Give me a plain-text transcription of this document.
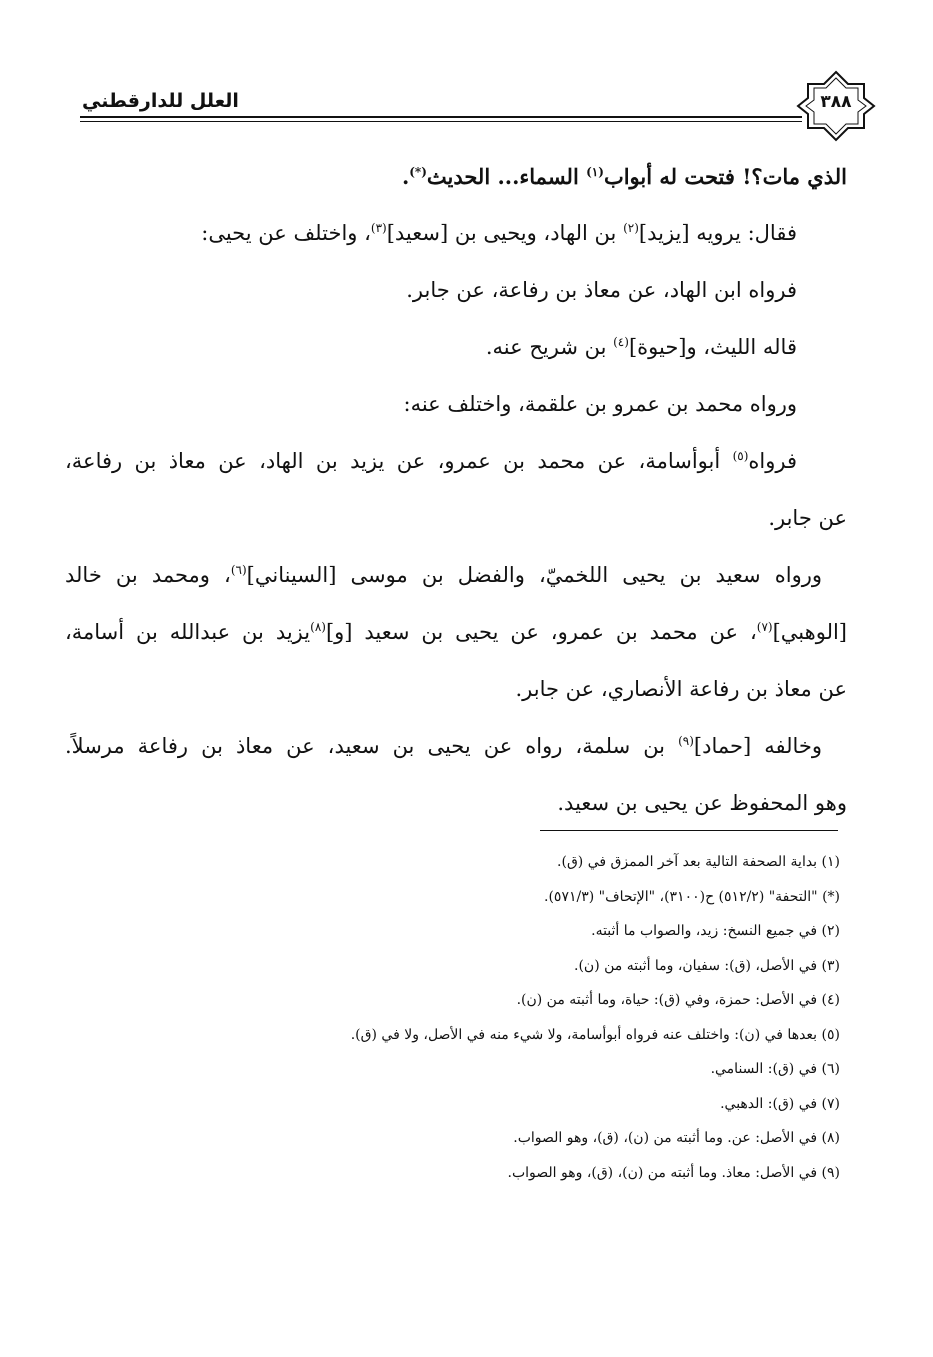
العلل للدارقطني	٣٨٨
الذي مات؟! فتحت له أبواب$^{(١)}$ السماء... الحديث(*).
فقال: يرويه [يزيد]$^{(٢)}$ بن الهاد، ويحيى بن [سعيد]$^{(٣)}$، واختلف عن يحيى:
فرواه ابن الهاد، عن معاذ بن رفاعة، عن جابر.
قاله الليث، و[حيوة]$^{(٤)}$ بن شريح عنه.
ورواه محمد بن عمرو بن علقمة، واختلف عنه:
فرواه$^{(٥)}$ أبوأسامة، عن محمد بن عمرو، عن يزيد بن الهاد، عن معاذ بن رفاعة،
عن جابر.
ورواه سعيد بن يحيى اللخميّ، والفضل بن موسى [السيناني]$^{(٦)}$، ومحمد بن خالد
[الوهبي]$^{(٧)}$، عن محمد بن عمرو، عن يحيى بن سعيد [و]$^{(٨)}$يزيد بن عبدالله بن أسامة،
عن معاذ بن رفاعة الأنصاري، عن جابر.
وخالفه [حماد]$^{(٩)}$ بن سلمة، رواه عن يحيى بن سعيد، عن معاذ بن رفاعة مرسلاً.
وهو المحفوظ عن يحيى بن سعيد.
(١) بداية الصحفة التالية بعد آخر الممزق في (ق).
(*) "التحفة" (٥١٢/٢) ح(٣١٠٠)، "الإتحاف" (٥٧١/٣).
(٢) في جميع النسخ: زيد، والصواب ما أثبته.
(٣) في الأصل، (ق): سفيان، وما أثبته من (ن).
(٤) في الأصل: حمزة، وفي (ق): حياة، وما أثبته من (ن).
(٥) بعدها في (ن): واختلف عنه فرواه أبوأسامة، ولا شيء منه في الأصل، ولا في (ق).
(٦) في (ق): السنامي.
(٧) في (ق): الدهبي.
(٨) في الأصل: عن. وما أثبته من (ن)، (ق)، وهو الصواب.
(٩) في الأصل: معاذ. وما أثبته من (ن)، (ق)، وهو الصواب.
